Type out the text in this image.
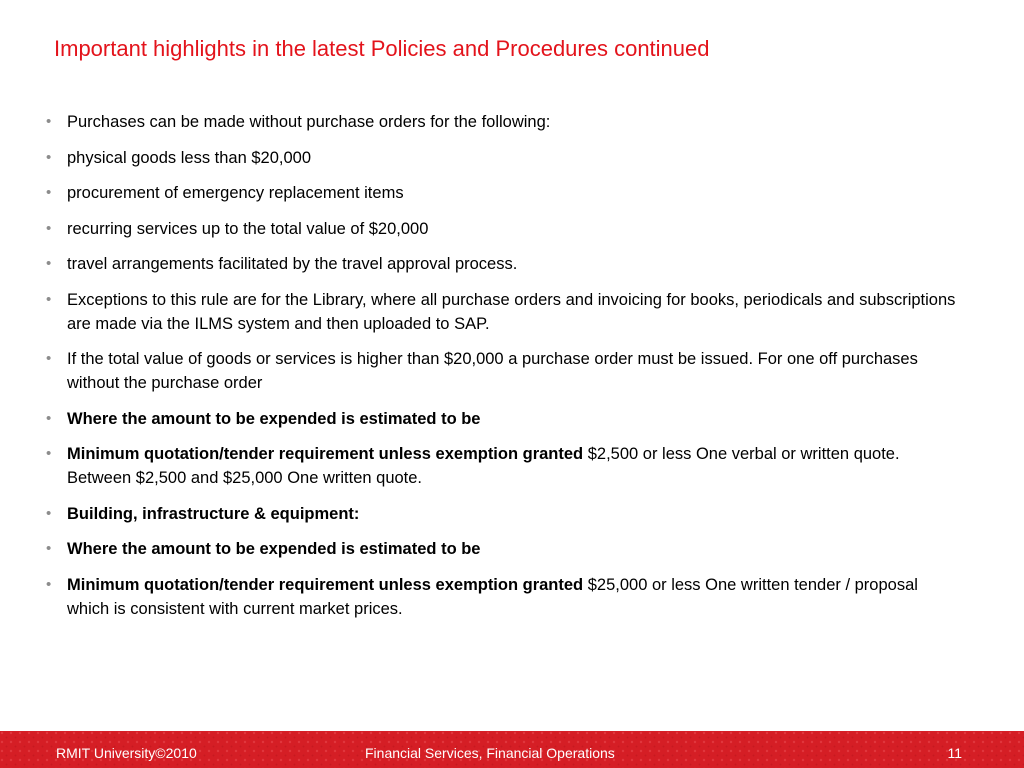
Important highlights in the latest Policies and Procedures continued
• Purchases can be made without purchase orders for the following:
• physical goods less than $20,000
• procurement of emergency replacement items
• recurring services up to the total value of $20,000
• travel arrangements facilitated by the travel approval process.
• Exceptions to this rule are for the Library, where all purchase orders and invoicing for books, periodicals and subscriptions are made via the ILMS system and then uploaded to SAP.
• If the total value of goods or services is higher than $20,000 a purchase order must be issued. For one off purchases without the purchase order
• Where the amount to be expended is estimated to be
• Minimum quotation/tender requirement unless exemption granted $2,500 or less One verbal or written quote. Between $2,500 and $25,000 One written quote.
• Building, infrastructure & equipment:
• Where the amount to be expended is estimated to be
• Minimum quotation/tender requirement unless exemption granted $25,000 or less One written tender / proposal which is consistent with current market prices.
RMIT University©2010	Financial Services, Financial Operations	11
